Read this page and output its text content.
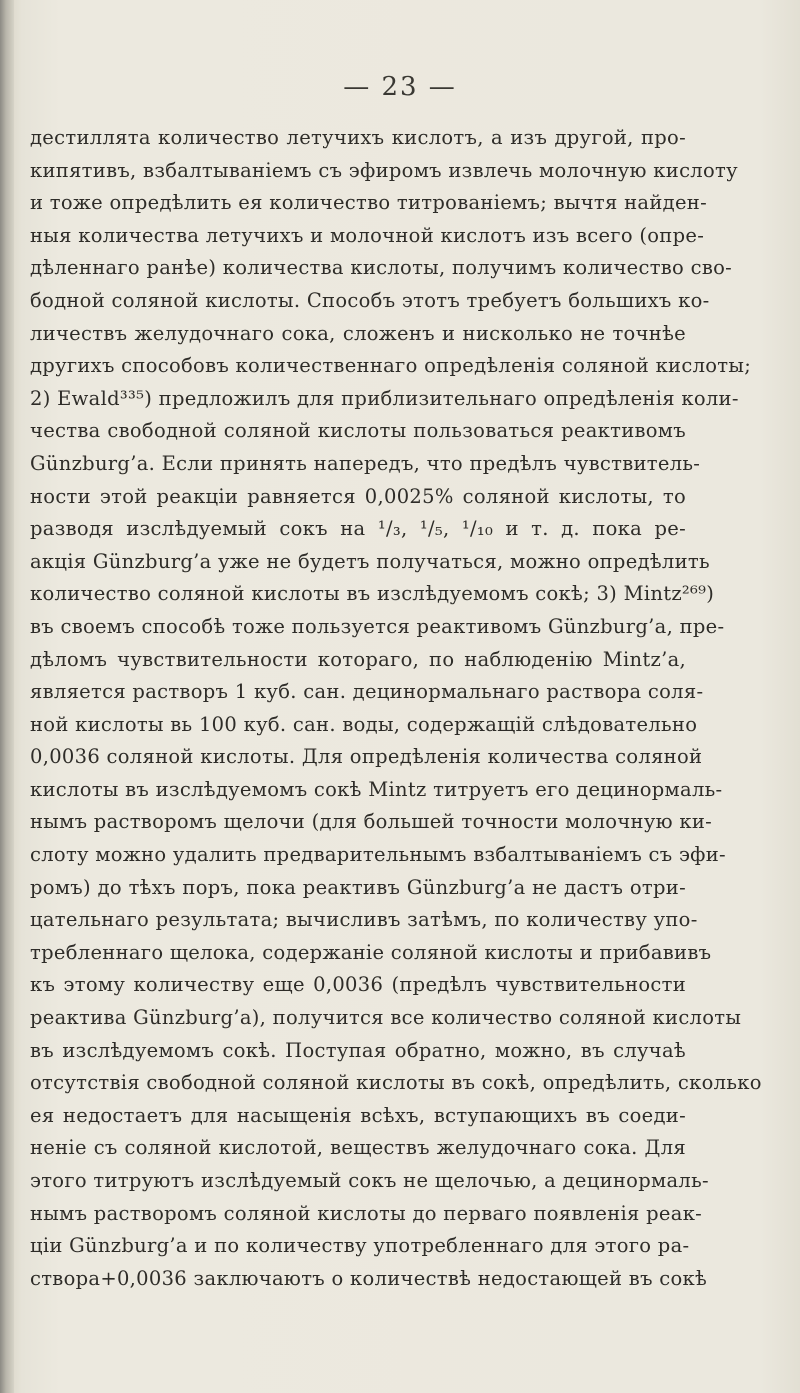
— 23 —
дестиллята количество летучихъ кислотъ, а изъ другой, про-
кипятивъ, взбалтываніемъ съ эфиромъ извлечь молочную кислоту
и тоже опредѣлить ея количество титрованіемъ; вычтя найден-
ныя количества летучихъ и молочной кислотъ изъ всего (опре-
дѣленнаго ранѣе) количества кислоты, получимъ количество сво-
бодной соляной кислоты. Способъ этотъ требуетъ большихъ ко-
личествъ желудочнаго сока, сложенъ и нисколько не точнѣе
другихъ способовъ количественнаго опредѣленія соляной кислоты;
2) Ewald³³⁵) предложилъ для приблизительнаго опредѣленія коли-
чества свободной соляной кислоты пользоваться реактивомъ
Günzburg’а. Если принять напередъ, что предѣлъ чувствитель-
ности этой реакціи равняется 0,0025% соляной кислоты, то
разводя изслѣдуемый сокъ на ¹/₃, ¹/₅, ¹/₁₀ и т. д. пока ре-
акція Günzburg’а уже не будетъ получаться, можно опредѣлить
количество соляной кислоты въ изслѣдуемомъ сокѣ; 3) Mintz²⁶⁹)
въ своемъ способѣ тоже пользуется реактивомъ Günzburg’а, пре-
дѣломъ чувствительности котораго, по наблюденію Mintz’а,
является растворъ 1 куб. сан. децинормальнаго раствора соля-
ной кислоты вь 100 куб. сан. воды, содержащій слѣдовательно
0,0036 соляной кислоты. Для опредѣленія количества соляной
кислоты въ изслѣдуемомъ сокѣ Mintz титруетъ его децинормаль-
нымъ растворомъ щелочи (для большей точности молочную ки-
слоту можно удалить предварительнымъ взбалтываніемъ съ эфи-
ромъ) до тѣхъ поръ, пока реактивъ Günzburg’а не дастъ отри-
цательнаго результата; вычисливъ затѣмъ, по количеству упо-
требленнаго щелока, содержаніе соляной кислоты и прибавивъ
къ этому количеству еще 0,0036 (предѣлъ чувствительности
реактива Günzburg’а), получится все количество соляной кислоты
въ изслѣдуемомъ сокѣ. Поступая обратно, можно, въ случаѣ
отсутствія свободной соляной кислоты въ сокѣ, опредѣлить, сколько
ея недостаетъ для насыщенія всѣхъ, вступающихъ въ соеди-
неніе съ соляной кислотой, веществъ желудочнаго сока. Для
этого титруютъ изслѣдуемый сокъ не щелочью, а децинормаль-
нымъ растворомъ соляной кислоты до перваго появленія реак-
ціи Günzburg’а и по количеству употребленнаго для этого ра-
створа+0,0036 заключаютъ о количествѣ недостающей въ сокѣ
